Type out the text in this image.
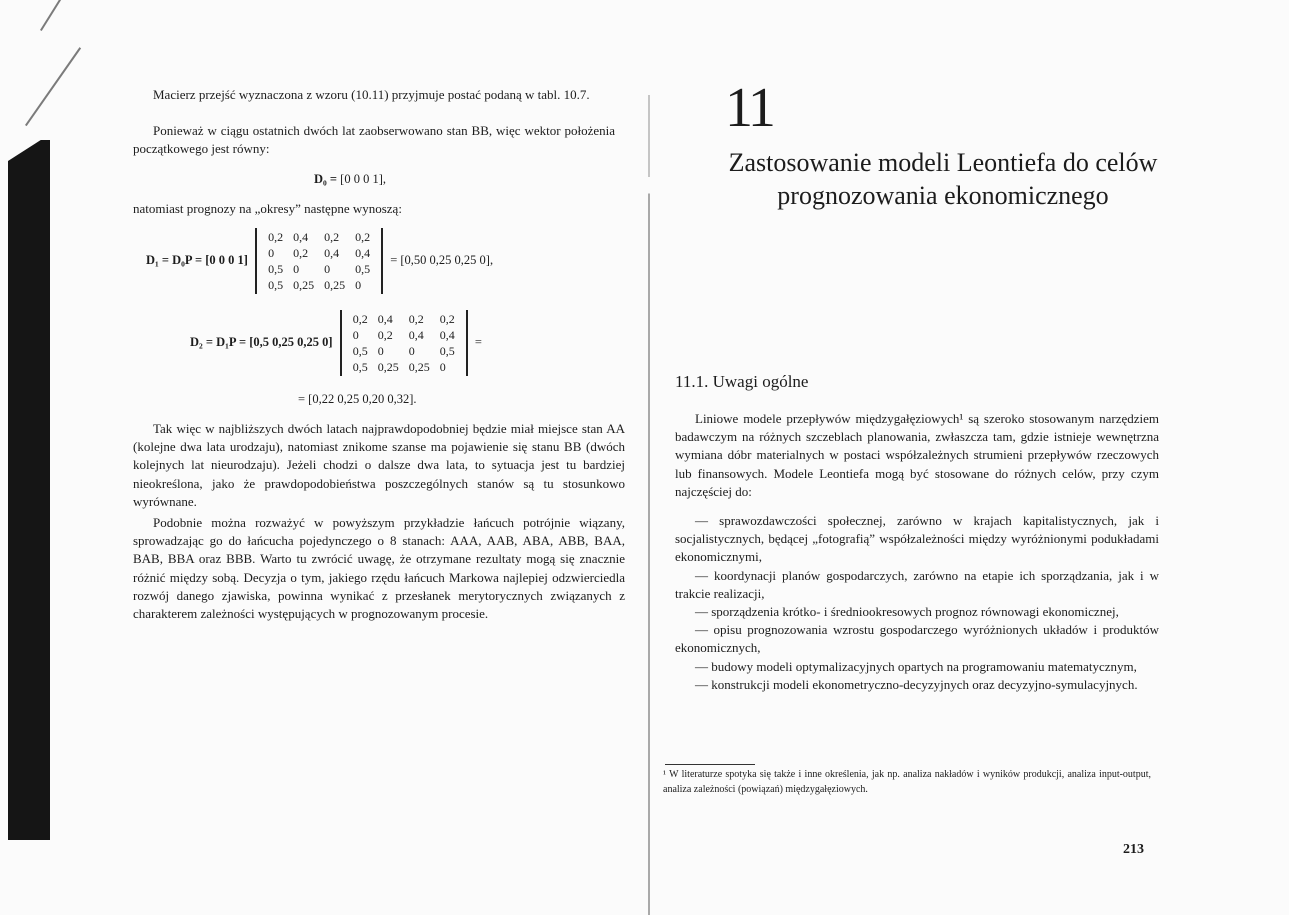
Macierz przejść wyznaczona z wzoru (10.11) przyjmuje postać podaną w tabl. 10.7.

Ponieważ w ciągu ostatnich dwóch lat zaobserwowano stan BB, więc wektor położenia początkowego jest równy:

D₀ = [0 0 0 1],

natomiast prognozy na „okresy” następne wynoszą:

D₁ = D₀P = [0 0 0 1]
0,2	0,4	0,2	0,2
0	0,2	0,4	0,4
0,5	0	0	0,5
0,5	0,25	0,25	0
= [0,50 0,25 0,25 0],
D₂ = D₁P = [0,5 0,25 0,25 0]
0,2	0,4	0,2	0,2
0	0,2	0,4	0,4
0,5	0	0	0,5
0,5	0,25	0,25	0
=
= [0,22 0,25 0,20 0,32].

Tak więc w najbliższych dwóch latach najprawdopodobniej będzie miał miejsce stan AA (kolejne dwa lata urodzaju), natomiast znikome szanse ma pojawienie się stanu BB (dwóch kolejnych lat nieurodzaju). Jeżeli chodzi o dalsze dwa lata, to sytuacja jest tu bardziej nieokreślona, jako że prawdopodobieństwa poszczególnych stanów są tu stosunkowo wyrównane.

Podobnie można rozważyć w powyższym przykładzie łańcuch potrójnie wiązany, sprowadzając go do łańcucha pojedynczego o 8 stanach: AAA, AAB, ABA, ABB, BAA, BAB, BBA oraz BBB. Warto tu zwrócić uwagę, że otrzymane rezultaty mogą się znacznie różnić między sobą. Decyzja o tym, jakiego rzędu łańcuch Markowa najlepiej odzwierciedla rozwój danego zjawiska, powinna wynikać z przesłanek merytorycznych związanych z charakterem zależności występujących w prognozowanym procesie.

11
Zastosowanie modeli Leontiefa do celów prognozowania ekonomicznego
11.1. Uwagi ogólne

Liniowe modele przepływów międzygałęziowych¹ są szeroko stosowanym narzędziem badawczym na różnych szczeblach planowania, zwłaszcza tam, gdzie istnieje wewnętrzna wymiana dóbr materialnych w postaci współzależnych strumieni przepływów rzeczowych lub finansowych. Modele Leontiefa mogą być stosowane do różnych celów, przy czym najczęściej do:

— sprawozdawczości społecznej, zarówno w krajach kapitalistycznych, jak i socjalistycznych, będącej „fotografią” współzależności między wyróżnionymi podukładami ekonomicznymi,

— koordynacji planów gospodarczych, zarówno na etapie ich sporządzania, jak i w trakcie realizacji,

— sporządzenia krótko- i średniookresowych prognoz równowagi ekonomicznej,

— opisu prognozowania wzrostu gospodarczego wyróżnionych układów i produktów ekonomicznych,

— budowy modeli optymalizacyjnych opartych na programowaniu matematycznym,

— konstrukcji modeli ekonometryczno-decyzyjnych oraz decyzyjno-symulacyjnych.

¹ W literaturze spotyka się także i inne określenia, jak np. analiza nakładów i wyników produkcji, analiza input-output, analiza zależności (powiązań) międzygałęziowych.

213
